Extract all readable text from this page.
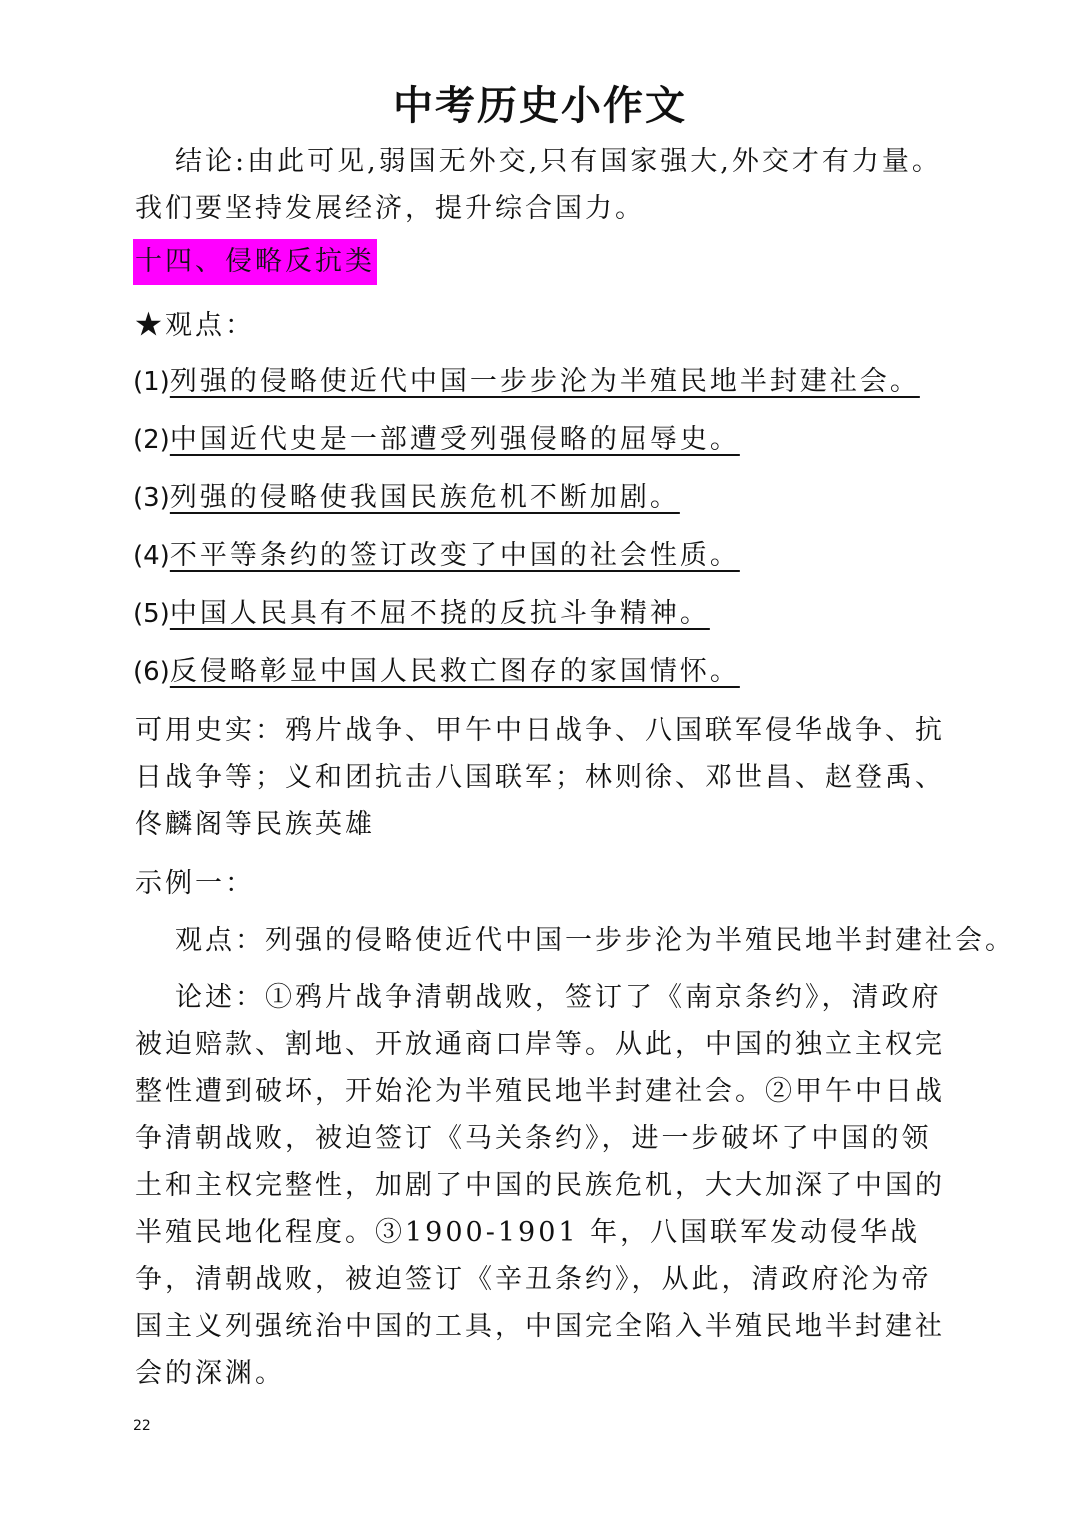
中考历史小作文

结论:由此可见,弱国无外交,只有国家强大,外交才有力量。我们要坚持发展经济，提升综合国力。

十四、侵略反抗类
★观点：
(1)列强的侵略使近代中国一步步沦为半殖民地半封建社会。
(2)中国近代史是一部遭受列强侵略的屈辱史。
(3)列强的侵略使我国民族危机不断加剧。
(4)不平等条约的签订改变了中国的社会性质。
(5)中国人民具有不屈不挠的反抗斗争精神。
(6)反侵略彰显中国人民救亡图存的家国情怀。

可用史实：鸦片战争、甲午中日战争、八国联军侵华战争、抗日战争等；义和团抗击八国联军；林则徐、邓世昌、赵登禹、佟麟阁等民族英雄

示例一：

观点：列强的侵略使近代中国一步步沦为半殖民地半封建社会。

论述：①鸦片战争清朝战败，签订了《南京条约》，清政府被迫赔款、割地、开放通商口岸等。从此，中国的独立主权完整性遭到破坏，开始沦为半殖民地半封建社会。②甲午中日战争清朝战败，被迫签订《马关条约》，进一步破坏了中国的领土和主权完整性，加剧了中国的民族危机，大大加深了中国的半殖民地化程度。③1900-1901 年，八国联军发动侵华战争，清朝战败，被迫签订《辛丑条约》，从此，清政府沦为帝国主义列强统治中国的工具，中国完全陷入半殖民地半封建社会的深渊。

22
